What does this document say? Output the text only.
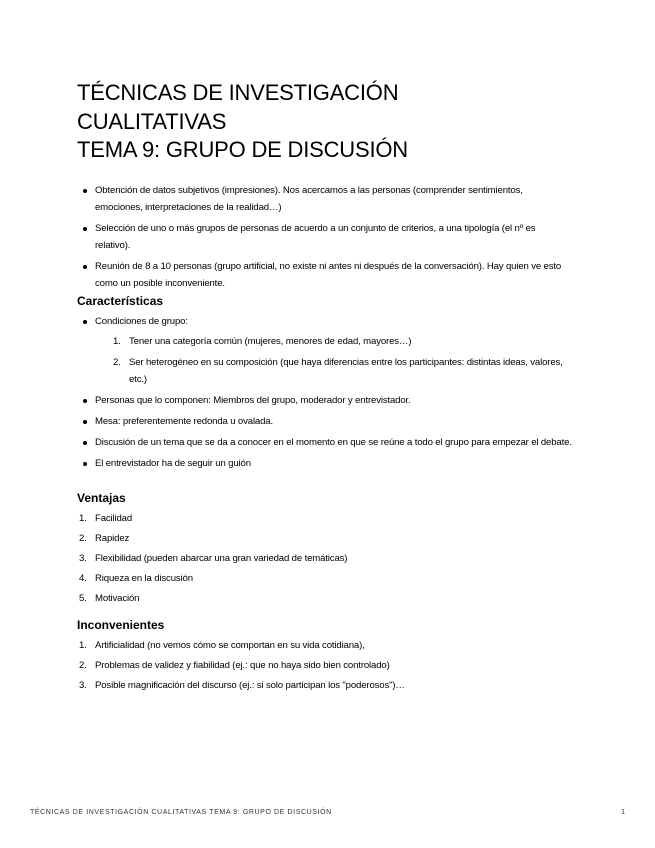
TÉCNICAS DE INVESTIGACIÓN
CUALITATIVAS
TEMA 9: GRUPO DE DISCUSIÓN
Obtención de datos subjetivos (impresiones). Nos acercamos a las personas (comprender sentimientos, emociones, interpretaciones de la realidad…)
Selección de uno o más grupos de personas de acuerdo a un conjunto de criterios, a una tipología (el nº es relativo).
Reunión de 8 a 10 personas (grupo artificial, no existe ni antes ni después de la conversación). Hay quien ve esto como un posible inconveniente.
Características
Condiciones de grupo:
1. Tener una categoría común (mujeres, menores de edad, mayores…)
2. Ser heterogéneo en su composición (que haya diferencias entre los participantes: distintas ideas, valores, etc.)
Personas que lo componen: Miembros del grupo, moderador y entrevistador.
Mesa: preferentemente redonda u ovalada.
Discusión de un tema que se da a conocer en el momento en que se reúne a todo el grupo para empezar el debate.
El entrevistador ha de seguir un guión
Ventajas
1. Facilidad
2. Rapidez
3. Flexibilidad (pueden abarcar una gran variedad de temáticas)
4. Riqueza en la discusión
5. Motivación
Inconvenientes
1. Artificialidad (no vemos cómo se comportan en su vida cotidiana),
2. Problemas de validez y fiabilidad (ej.: que no haya sido bien controlado)
3. Posible magnificación del discurso (ej.: si solo participan los "poderosos")…
TÉCNICAS DE INVESTIGACIÓN CUALITATIVAS TEMA 9: GRUPO DE DISCUSIÓN	1
